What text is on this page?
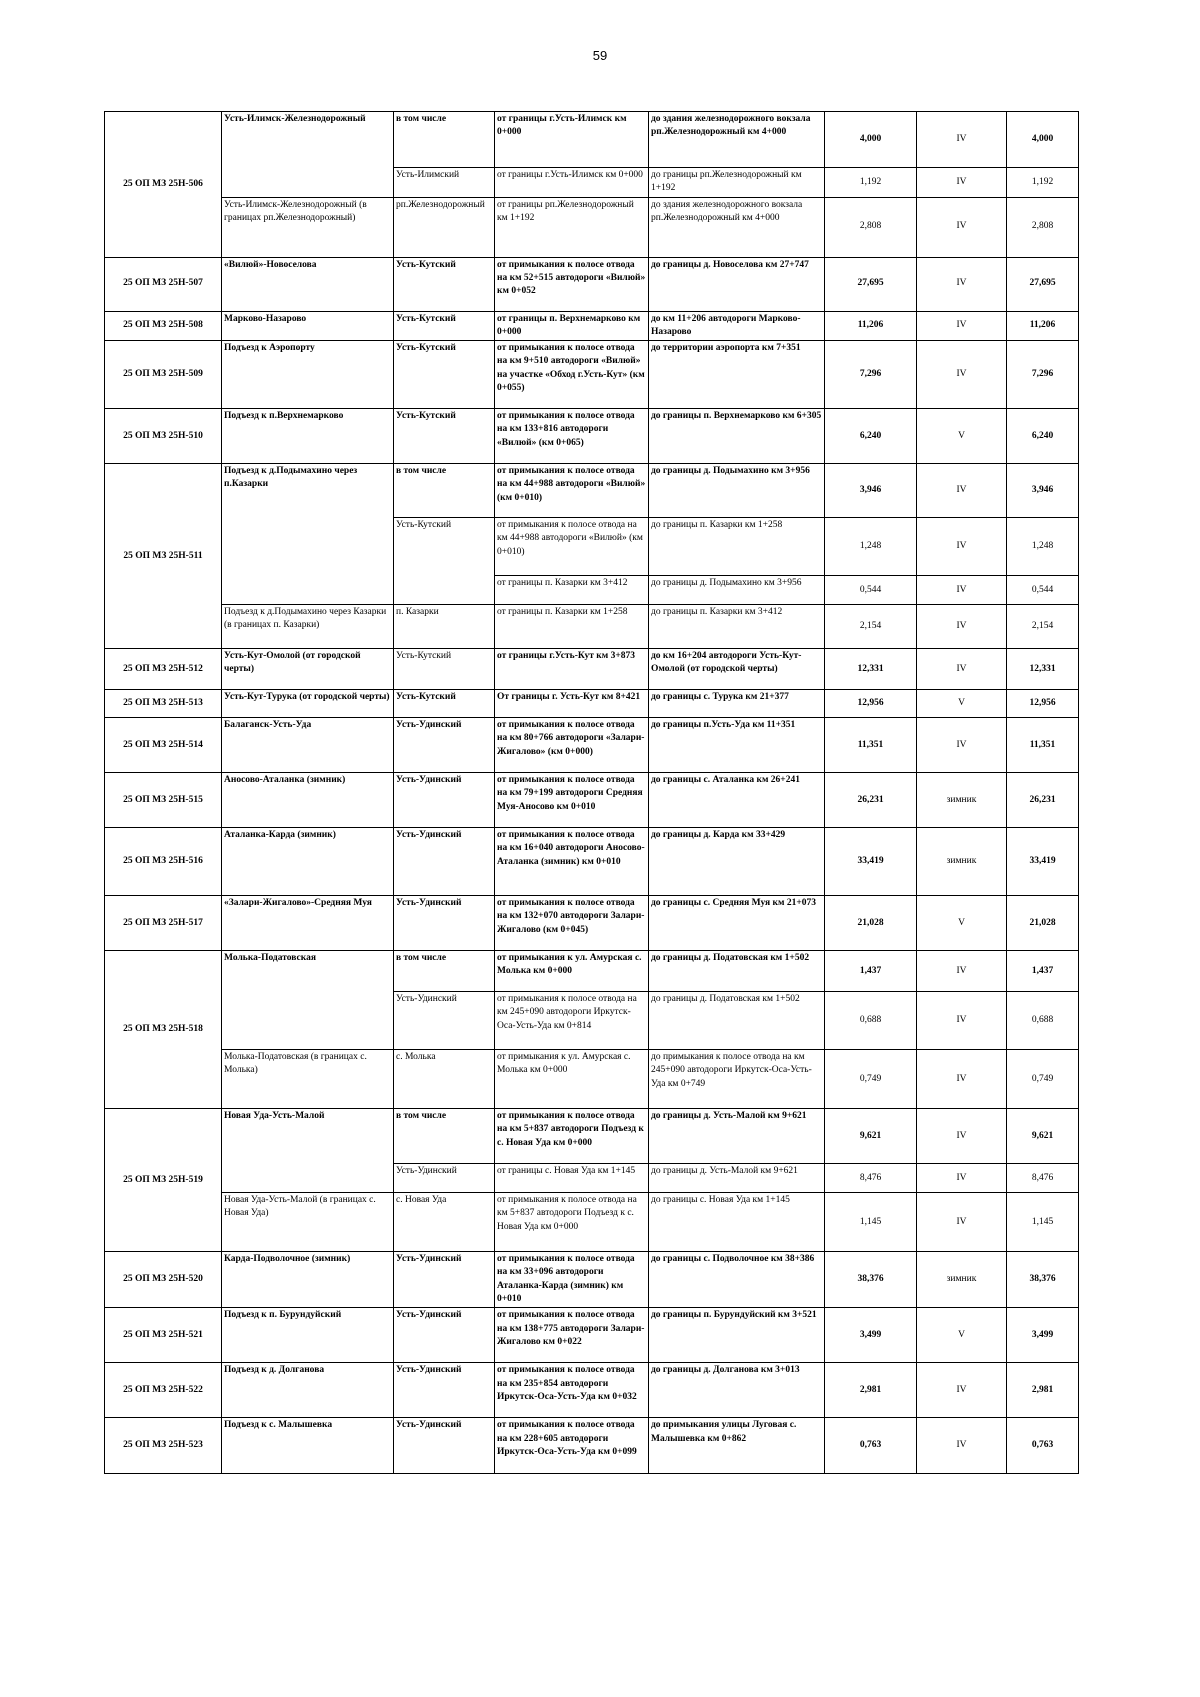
59
25 ОП МЗ 25Н-506	Усть-Илимск-Железнодорожный	в том числе	от границы г.Усть-Илимск км 0+000	до здания железнодорожного вокзала рп.Железнодорожный км 4+000	4,000	IV	4,000
		Усть-Илимский	от границы г.Усть-Илимск км 0+000	до границы рп.Железнодорожный км 1+192	1,192	IV	1,192
	Усть-Илимск-Железнодорожный (в границах рп.Железнодорожный)	рп.Железнодорожный	от границы рп.Железнодорожный км 1+192	до здания железнодорожного вокзала рп.Железнодорожный км 4+000	2,808	IV	2,808
25 ОП МЗ 25Н-507	«Вилюй»-Новоселова	Усть-Кутский	от примыкания к полосе отвода на км 52+515 автодороги «Вилюй» км 0+052	до границы д. Новоселова км 27+747	27,695	IV	27,695
25 ОП МЗ 25Н-508	Марково-Назарово	Усть-Кутский	от границы п. Верхнемарково км 0+000	до км 11+206 автодороги Марково-Назарово	11,206	IV	11,206
25 ОП МЗ 25Н-509	Подъезд к Аэропорту	Усть-Кутский	от примыкания к полосе отвода на км 9+510 автодороги «Вилюй» на участке «Обход г.Усть-Кут» (км 0+055)	до территории аэропорта км 7+351	7,296	IV	7,296
25 ОП МЗ 25Н-510	Подъезд к п.Верхнемарково	Усть-Кутский	от примыкания к полосе отвода на км 133+816 автодороги «Вилюй» (км 0+065)	до границы п. Верхнемарково км 6+305	6,240	V	6,240
25 ОП МЗ 25Н-511	Подъезд к д.Подымахино через п.Казарки	в том числе	от примыкания к полосе отвода на км 44+988 автодороги «Вилюй» (км 0+010)	до границы д. Подымахино км 3+956	3,946	IV	3,946
		Усть-Кутский	от примыкания к полосе отвода на км 44+988 автодороги «Вилюй» (км 0+010)	до границы п. Казарки км 1+258	1,248	IV	1,248
			от границы п. Казарки км 3+412	до границы д. Подымахино км 3+956	0,544	IV	0,544
	Подъезд к д.Подымахино через Казарки (в границах п. Казарки)	п. Казарки	от границы п. Казарки км 1+258	до границы п. Казарки км 3+412	2,154	IV	2,154
25 ОП МЗ 25Н-512	Усть-Кут-Омолой (от городской черты)	Усть-Кутский	от границы г.Усть-Кут км 3+873	до км 16+204 автодороги Усть-Кут-Омолой (от городской черты)	12,331	IV	12,331
25 ОП МЗ 25Н-513	Усть-Кут-Турука (от городской черты)	Усть-Кутский	От границы г. Усть-Кут км 8+421	до границы с. Турука км 21+377	12,956	V	12,956
25 ОП МЗ 25Н-514	Балаганск-Усть-Уда	Усть-Удинский	от примыкания к полосе отвода на км 80+766 автодороги «Залари-Жигалово» (км 0+000)	до границы п.Усть-Уда км 11+351	11,351	IV	11,351
25 ОП МЗ 25Н-515	Аносово-Аталанка (зимник)	Усть-Удинский	от примыкания к полосе отвода на км 79+199 автодороги Средняя Муя-Аносово км 0+010	до границы с. Аталанка км 26+241	26,231	зимник	26,231
25 ОП МЗ 25Н-516	Аталанка-Карда (зимник)	Усть-Удинский	от примыкания к полосе отвода на км 16+040 автодороги Аносово-Аталанка (зимник) км 0+010	до границы д. Карда км 33+429	33,419	зимник	33,419
25 ОП МЗ 25Н-517	«Залари-Жигалово»-Средняя Муя	Усть-Удинский	от примыкания к полосе отвода на км 132+070 автодороги Залари-Жигалово (км 0+045)	до границы с. Средняя Муя км 21+073	21,028	V	21,028
25 ОП МЗ 25Н-518	Молька-Податовская	в том числе	от примыкания к ул. Амурская с. Молька км 0+000	до границы д. Податовская км 1+502	1,437	IV	1,437
		Усть-Удинский	от примыкания к полосе отвода на км 245+090 автодороги Иркутск-Оса-Усть-Уда км 0+814	до границы д. Податовская км 1+502	0,688	IV	0,688
	Молька-Податовская (в границах с. Молька)	с. Молька	от примыкания к ул. Амурская с. Молька км 0+000	до примыкания к полосе отвода на км 245+090 автодороги Иркутск-Оса-Усть-Уда км 0+749	0,749	IV	0,749
25 ОП МЗ 25Н-519	Новая Уда-Усть-Малой	в том числе	от примыкания к полосе отвода на км 5+837 автодороги Подъезд к с. Новая Уда км 0+000	до границы д. Усть-Малой км 9+621	9,621	IV	9,621
		Усть-Удинский	от границы с. Новая Уда км 1+145	до границы д. Усть-Малой км 9+621	8,476	IV	8,476
	Новая Уда-Усть-Малой (в границах с. Новая Уда)	с. Новая Уда	от примыкания к полосе отвода на км 5+837 автодороги Подъезд к с. Новая Уда км 0+000	до границы с. Новая Уда км 1+145	1,145	IV	1,145
25 ОП МЗ 25Н-520	Карда-Подволочное (зимник)	Усть-Удинский	от примыкания к полосе отвода на км 33+096 автодороги Аталанка-Карда (зимник) км 0+010	до границы с. Подволочное км 38+386	38,376	зимник	38,376
25 ОП МЗ 25Н-521	Подъезд к п. Бурундуйский	Усть-Удинский	от примыкания к полосе отвода на км 138+775 автодороги Залари-Жигалово км 0+022	до границы п. Бурундуйский км 3+521	3,499	V	3,499
25 ОП МЗ 25Н-522	Подъезд к д. Долганова	Усть-Удинский	от примыкания к полосе отвода на км 235+854 автодороги Иркутск-Оса-Усть-Уда км 0+032	до границы д. Долганова км 3+013	2,981	IV	2,981
25 ОП МЗ 25Н-523	Подъезд к с. Малышевка	Усть-Удинский	от примыкания к полосе отвода на км 228+605 автодороги Иркутск-Оса-Усть-Уда км 0+099	до примыкания улицы Луговая с. Малышевка км 0+862	0,763	IV	0,763
